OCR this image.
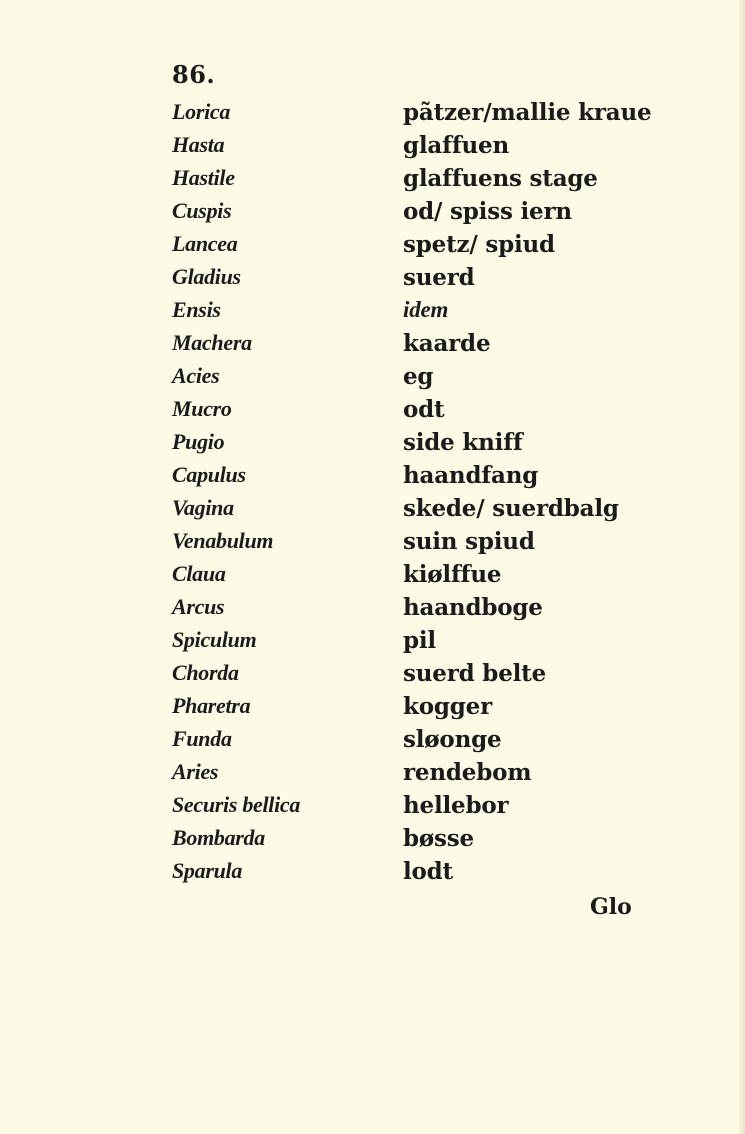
86.
Lorica	pãtzer/mallie kraue
Hasta	glaffuen
Hastile	glaffuens stage
Cuspis	od/ spiss iern
Lancea	spetz/ spiud
Gladius	suerd
Ensis	idem
Machera	kaarde
Acies	eg
Mucro	odt
Pugio	side kniff
Capulus	haandfang
Vagina	skede/ suerdbalg
Venabulum	suin spiud
Claua	kiølffue
Arcus	haandboge
Spiculum	pil
Chorda	suerd belte
Pharetra	kogger
Funda	sløonge
Aries	rendebom
Securis bellica	hellebor
Bombarda	bøsse
Sparula	lodt
Glo
